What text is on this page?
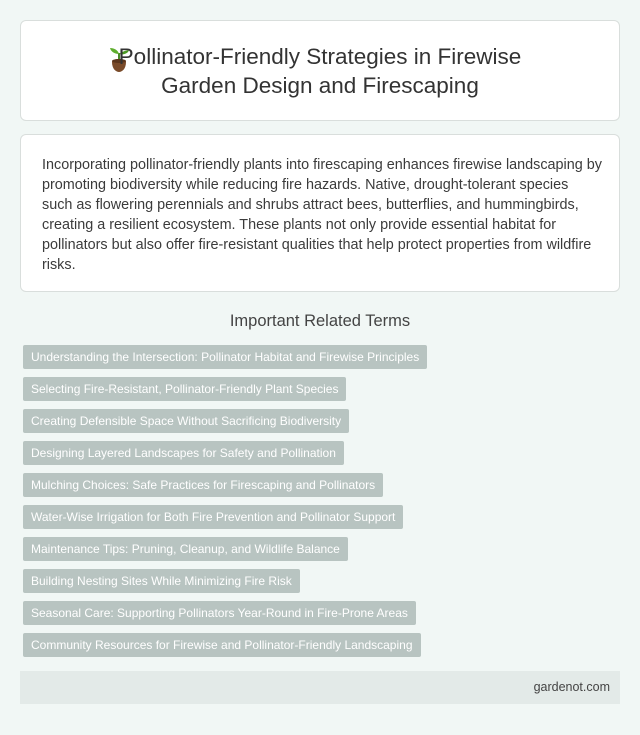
Pollinator-Friendly Strategies in Firewise Garden Design and Firescaping

Incorporating pollinator-friendly plants into firescaping enhances firewise landscaping by promoting biodiversity while reducing fire hazards. Native, drought-tolerant species such as flowering perennials and shrubs attract bees, butterflies, and hummingbirds, creating a resilient ecosystem. These plants not only provide essential habitat for pollinators but also offer fire-resistant qualities that help protect properties from wildfire risks.

Important Related Terms
Understanding the Intersection: Pollinator Habitat and Firewise Principles
Selecting Fire-Resistant, Pollinator-Friendly Plant Species
Creating Defensible Space Without Sacrificing Biodiversity
Designing Layered Landscapes for Safety and Pollination
Mulching Choices: Safe Practices for Firescaping and Pollinators
Water-Wise Irrigation for Both Fire Prevention and Pollinator Support
Maintenance Tips: Pruning, Cleanup, and Wildlife Balance
Building Nesting Sites While Minimizing Fire Risk
Seasonal Care: Supporting Pollinators Year-Round in Fire-Prone Areas
Community Resources for Firewise and Pollinator-Friendly Landscaping
gardenot.com
